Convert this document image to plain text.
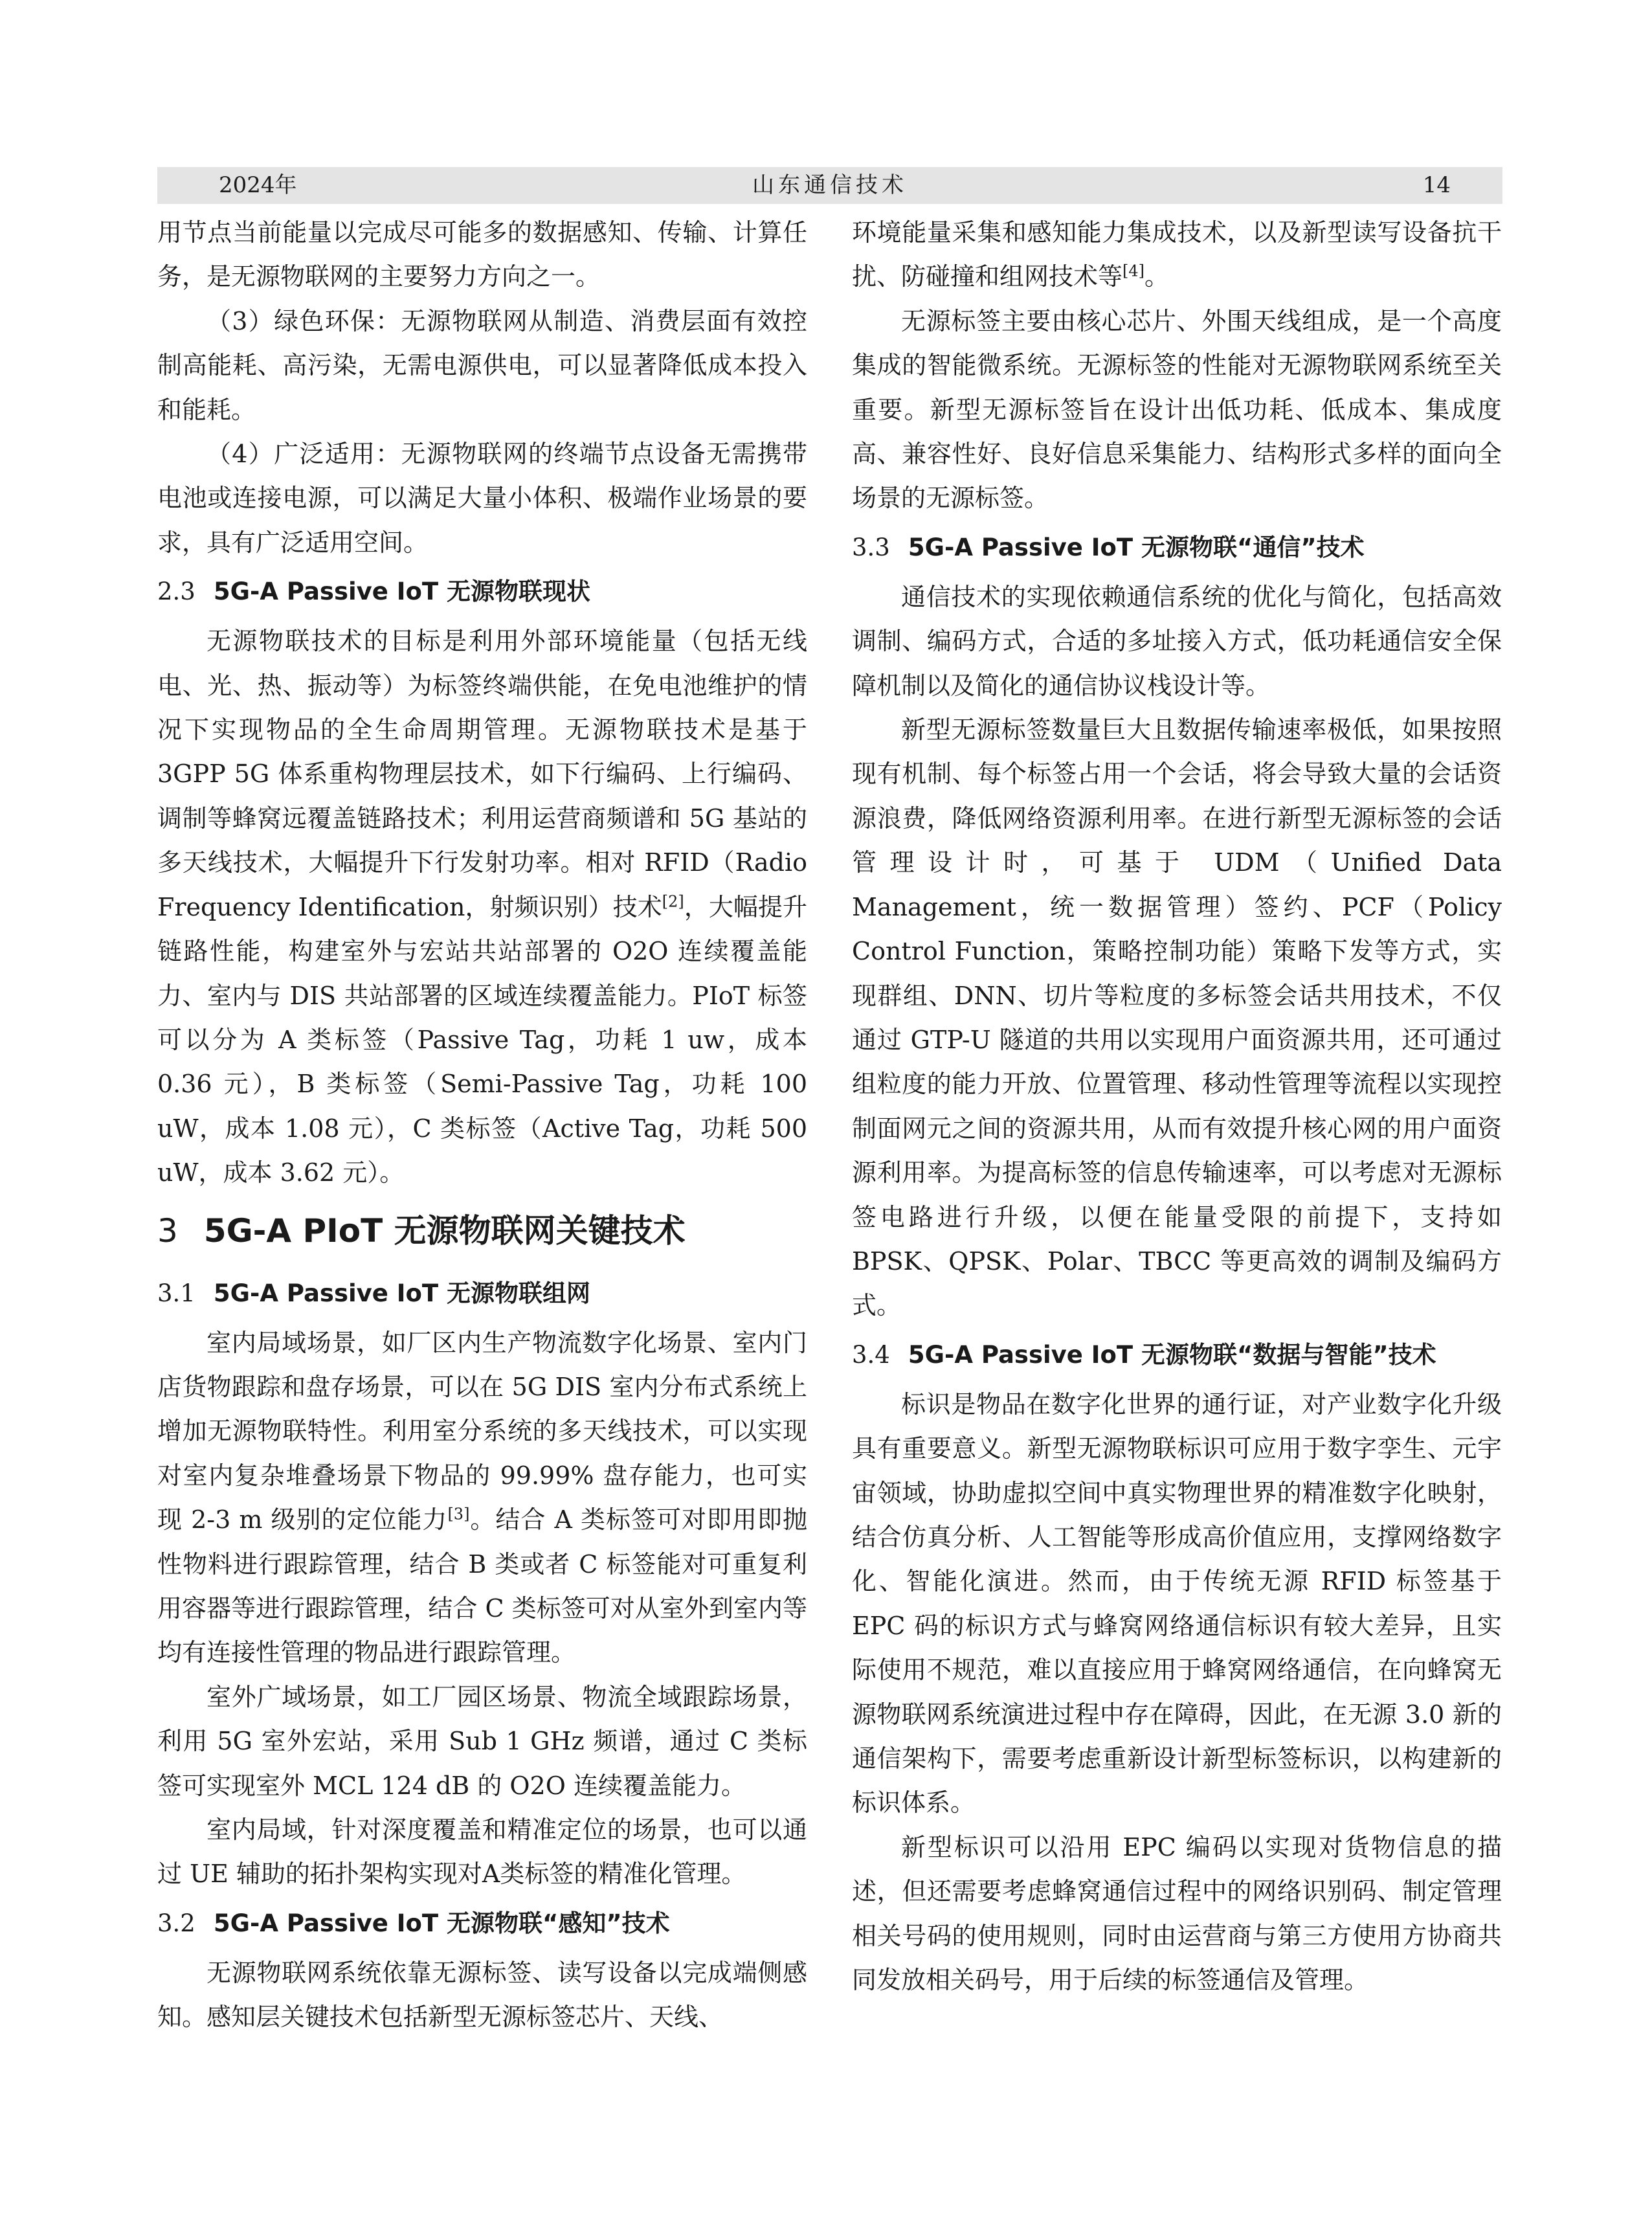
2024年	山东通信技术	14

用节点当前能量以完成尽可能多的数据感知、传输、计算任务，是无源物联网的主要努力方向之一。

（3）绿色环保：无源物联网从制造、消费层面有效控制高能耗、高污染，无需电源供电，可以显著降低成本投入和能耗。

（4）广泛适用：无源物联网的终端节点设备无需携带电池或连接电源，可以满足大量小体积、极端作业场景的要求，具有广泛适用空间。

2.3 5G-A Passive IoT 无源物联现状

无源物联技术的目标是利用外部环境能量（包括无线电、光、热、振动等）为标签终端供能，在免电池维护的情况下实现物品的全生命周期管理。无源物联技术是基于 3GPP 5G 体系重构物理层技术，如下行编码、上行编码、调制等蜂窝远覆盖链路技术；利用运营商频谱和 5G 基站的多天线技术，大幅提升下行发射功率。相对 RFID（Radio Frequency Identification，射频识别）技术[2]，大幅提升链路性能，构建室外与宏站共站部署的 O2O 连续覆盖能力、室内与 DIS 共站部署的区域连续覆盖能力。PIoT 标签可以分为 A 类标签（Passive Tag，功耗 1 uw，成本 0.36 元），B 类标签（Semi-Passive Tag，功耗 100 uW，成本 1.08 元），C 类标签（Active Tag，功耗 500 uW，成本 3.62 元）。

3 5G-A PIoT 无源物联网关键技术
3.1 5G-A Passive IoT 无源物联组网

室内局域场景，如厂区内生产物流数字化场景、室内门店货物跟踪和盘存场景，可以在 5G DIS 室内分布式系统上增加无源物联特性。利用室分系统的多天线技术，可以实现对室内复杂堆叠场景下物品的 99.99% 盘存能力，也可实现 2-3 m 级别的定位能力[3]。结合 A 类标签可对即用即抛性物料进行跟踪管理，结合 B 类或者 C 标签能对可重复利用容器等进行跟踪管理，结合 C 类标签可对从室外到室内等均有连接性管理的物品进行跟踪管理。

室外广域场景，如工厂园区场景、物流全域跟踪场景，利用 5G 室外宏站，采用 Sub 1 GHz 频谱，通过 C 类标签可实现室外 MCL 124 dB 的 O2O 连续覆盖能力。

室内局域，针对深度覆盖和精准定位的场景，也可以通过 UE 辅助的拓扑架构实现对A类标签的精准化管理。

3.2 5G-A Passive IoT 无源物联“感知”技术

无源物联网系统依靠无源标签、读写设备以完成端侧感知。感知层关键技术包括新型无源标签芯片、天线、

环境能量采集和感知能力集成技术，以及新型读写设备抗干扰、防碰撞和组网技术等[4]。

无源标签主要由核心芯片、外围天线组成，是一个高度集成的智能微系统。无源标签的性能对无源物联网系统至关重要。新型无源标签旨在设计出低功耗、低成本、集成度高、兼容性好、良好信息采集能力、结构形式多样的面向全场景的无源标签。

3.3 5G-A Passive IoT 无源物联“通信”技术

通信技术的实现依赖通信系统的优化与简化，包括高效调制、编码方式，合适的多址接入方式，低功耗通信安全保障机制以及简化的通信协议栈设计等。

新型无源标签数量巨大且数据传输速率极低，如果按照现有机制、每个标签占用一个会话，将会导致大量的会话资源浪费，降低网络资源利用率。在进行新型无源标签的会话管理设计时，可基于 UDM（Unified Data Management，统一数据管理）签约、PCF（Policy Control Function，策略控制功能）策略下发等方式，实现群组、DNN、切片等粒度的多标签会话共用技术，不仅通过 GTP-U 隧道的共用以实现用户面资源共用，还可通过组粒度的能力开放、位置管理、移动性管理等流程以实现控制面网元之间的资源共用，从而有效提升核心网的用户面资源利用率。为提高标签的信息传输速率，可以考虑对无源标签电路进行升级，以便在能量受限的前提下，支持如 BPSK、QPSK、Polar、TBCC 等更高效的调制及编码方式。

3.4 5G-A Passive IoT 无源物联“数据与智能”技术

标识是物品在数字化世界的通行证，对产业数字化升级具有重要意义。新型无源物联标识可应用于数字孪生、元宇宙领域，协助虚拟空间中真实物理世界的精准数字化映射，结合仿真分析、人工智能等形成高价值应用，支撑网络数字化、智能化演进。然而，由于传统无源 RFID 标签基于 EPC 码的标识方式与蜂窝网络通信标识有较大差异，且实际使用不规范，难以直接应用于蜂窝网络通信，在向蜂窝无源物联网系统演进过程中存在障碍，因此，在无源 3.0 新的通信架构下，需要考虑重新设计新型标签标识，以构建新的标识体系。

新型标识可以沿用 EPC 编码以实现对货物信息的描述，但还需要考虑蜂窝通信过程中的网络识别码、制定管理相关号码的使用规则，同时由运营商与第三方使用方协商共同发放相关码号，用于后续的标签通信及管理。
